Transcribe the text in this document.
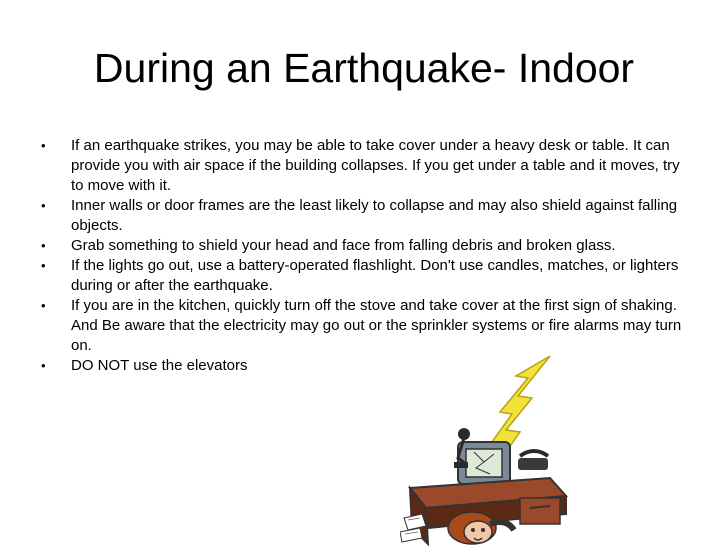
During an Earthquake- Indoor
• If an earthquake strikes, you may be able to take cover under a heavy desk or table. It can provide you with air space if the building collapses. If you get under a table and it moves, try to move with it.
• Inner walls or door frames are the least likely to collapse and may also shield against falling objects.
• Grab something to shield your head and face from falling debris and broken glass.
• If the lights go out, use a battery-operated flashlight. Don't use candles, matches, or lighters during or after the earthquake.
• If you are in the kitchen, quickly turn off the stove and take cover at the first sign of shaking. And Be aware that the electricity may go out or the sprinkler systems or fire alarms may turn on.
• DO NOT use the elevators
